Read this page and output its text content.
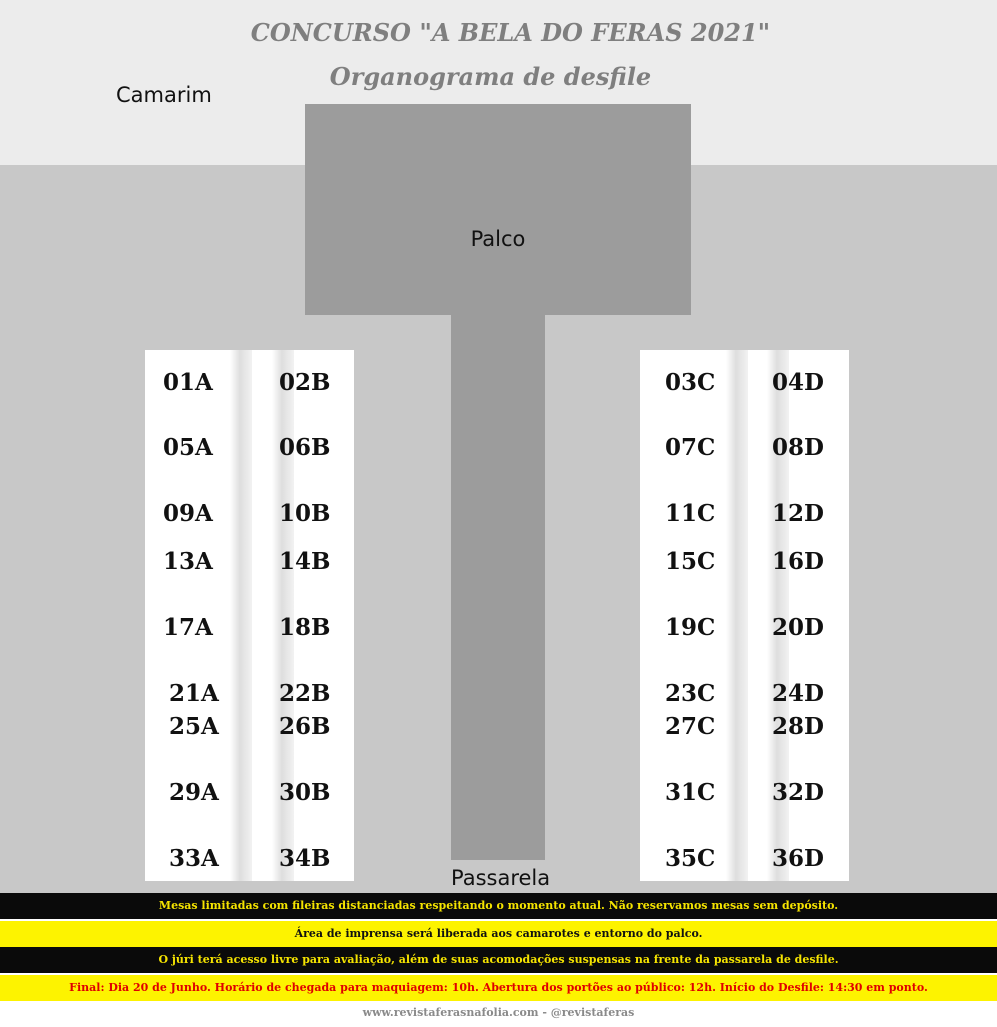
CONCURSO "A BELA DO FERAS 2021"
Organograma de desfile
Camarim
Palco
Passarela
01A
05A
09A
13A
17A
21A
25A
29A
33A
02B
06B
10B
14B
18B
22B
26B
30B
34B
03C
07C
11C
15C
19C
23C
27C
31C
35C
04D
08D
12D
16D
20D
24D
28D
32D
36D
Mesas limitadas com fileiras distanciadas respeitando o momento atual. Não reservamos mesas sem depósito.
Área de imprensa será liberada aos camarotes e entorno do palco.
O júri terá acesso livre para avaliação, além de suas acomodações suspensas na frente da passarela de desfile.
Final: Dia 20 de Junho. Horário de chegada para maquiagem: 10h. Abertura dos portões ao público: 12h. Início do Desfile: 14:30 em ponto.
www.revistaferasnafolia.com - @revistaferas
